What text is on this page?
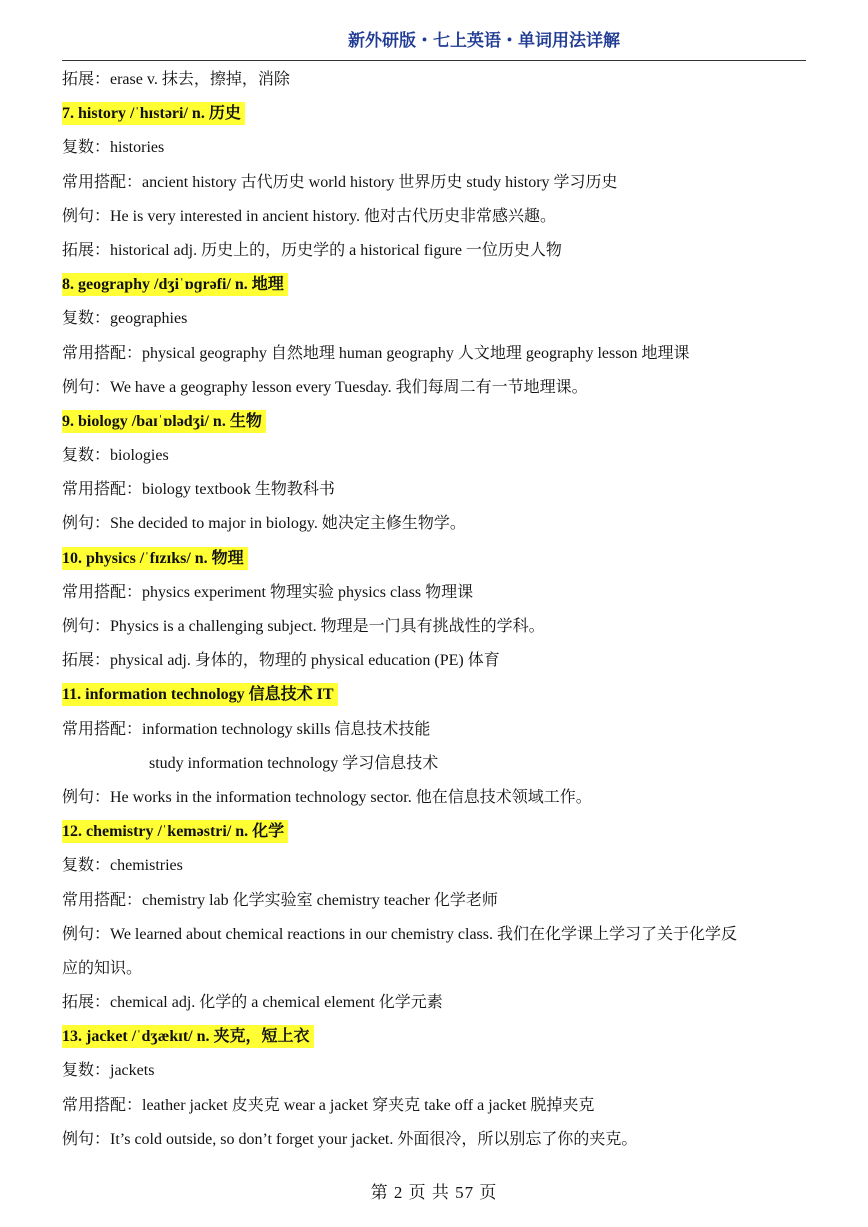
新外研版・七上英语・单词用法详解
拓展：erase v. 抹去，擦掉，消除
7. history /ˈhɪstəri/ n. 历史
复数：histories
常用搭配：ancient history 古代历史 world history 世界历史 study history 学习历史
例句：He is very interested in ancient history. 他对古代历史非常感兴趣。
拓展：historical adj. 历史上的，历史学的 a historical figure 一位历史人物
8. geography /dʒiˈɒɡrəfi/ n. 地理
复数：geographies
常用搭配：physical geography 自然地理 human geography 人文地理 geography lesson 地理课
例句：We have a geography lesson every Tuesday. 我们每周二有一节地理课。
9. biology /baɪˈɒlədʒi/ n. 生物
复数：biologies
常用搭配：biology textbook 生物教科书
例句：She decided to major in biology. 她决定主修生物学。
10. physics /ˈfɪzɪks/ n. 物理
常用搭配：physics experiment 物理实验 physics class 物理课
例句：Physics is a challenging subject. 物理是一门具有挑战性的学科。
拓展：physical adj. 身体的，物理的 physical education (PE) 体育
11. information technology 信息技术 IT
常用搭配：information technology skills 信息技术技能
study information technology 学习信息技术
例句：He works in the information technology sector. 他在信息技术领域工作。
12. chemistry /ˈkeməstri/ n. 化学
复数：chemistries
常用搭配：chemistry lab 化学实验室 chemistry teacher 化学老师
例句：We learned about chemical reactions in our chemistry class. 我们在化学课上学习了关于化学反
应的知识。
拓展：chemical adj. 化学的 a chemical element 化学元素
13. jacket /ˈdʒækɪt/ n. 夹克，短上衣
复数：jackets
常用搭配：leather jacket 皮夹克 wear a jacket 穿夹克 take off a jacket 脱掉夹克
例句：It’s cold outside, so don’t forget your jacket. 外面很冷，所以别忘了你的夹克。
第 2 页 共 57 页
